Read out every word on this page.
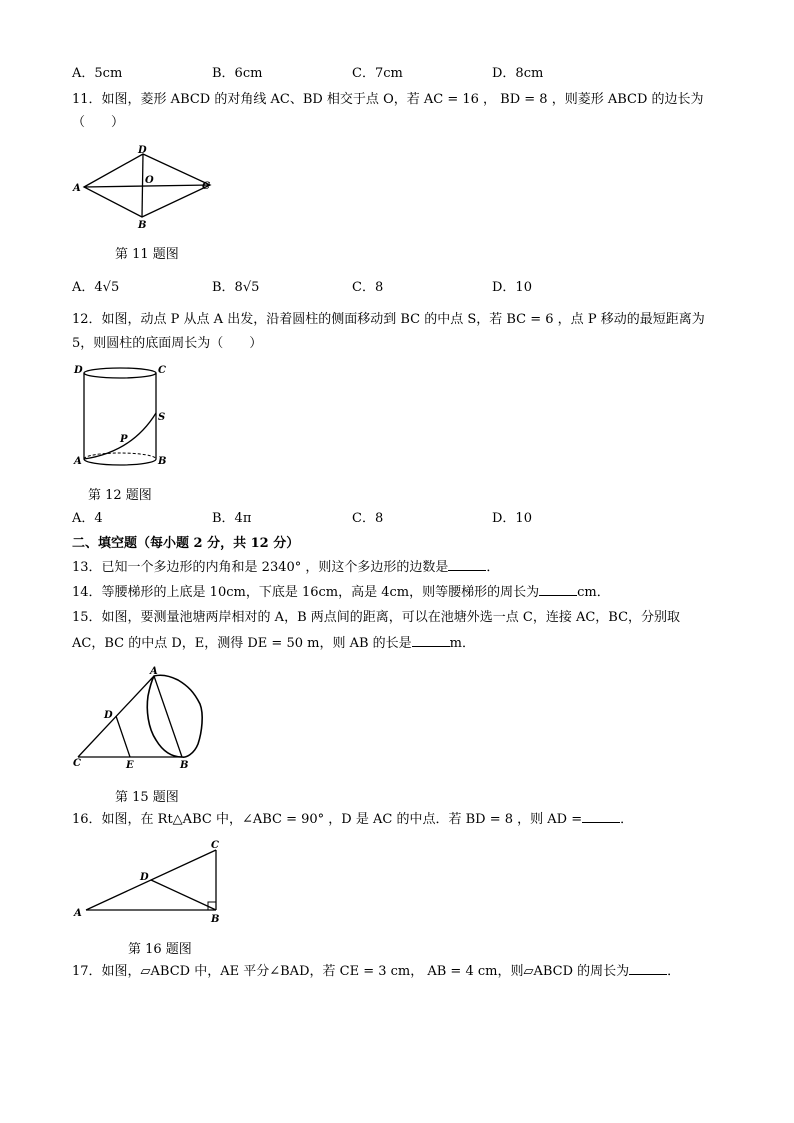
A．5cm	B．6cm	C．7cm	D．8cm
11．如图，菱形 ABCD 的对角线 AC、BD 相交于点 O，若 AC = 16 ， BD = 8 ，则菱形 ABCD 的边长为
（　　）
D
A
O
C
B
第 11 题图
A．4√5	B．8√5	C．8	D．10
12．如图，动点 P 从点 A 出发，沿着圆柱的侧面移动到 BC 的中点 S，若 BC = 6 ，点 P 移动的最短距离为
5，则圆柱的底面周长为（　　）
D	C
S
P
A	B
第 12 题图
A．4	B．4π	C．8	D．10
二、填空题（每小题 2 分，共 12 分）
13．已知一个多边形的内角和是 2340° ，则这个多边形的边数是	．
14．等腰梯形的上底是 10cm，下底是 16cm，高是 4cm，则等腰梯形的周长为	cm．
15．如图，要测量池塘两岸相对的 A，B 两点间的距离，可以在池塘外选一点 C，连接 AC，BC，分别取
AC，BC 的中点 D，E，测得 DE = 50 m，则 AB 的长是	m．
A
D
C	E	B
第 15 题图
16．如图，在 Rt△ABC 中，∠ABC = 90° ，D 是 AC 的中点．若 BD = 8 ，则 AD =	．
C
D
A
B
第 16 题图
17．如图，▱ABCD 中，AE 平分∠BAD，若 CE = 3 cm， AB = 4 cm，则▱ABCD 的周长为	．
